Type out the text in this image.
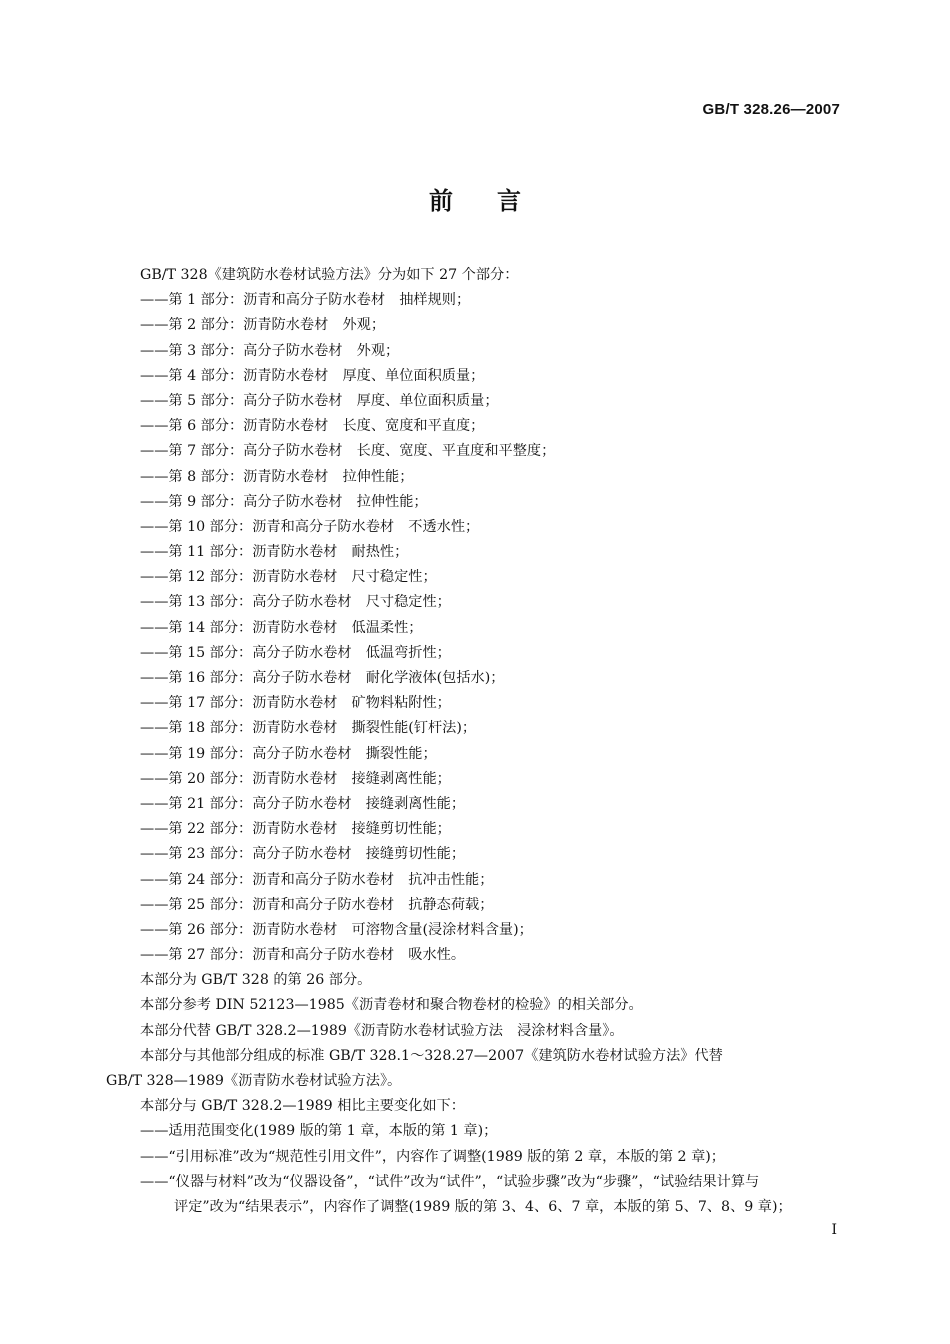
GB/T 328.26—2007
前言
GB/T 328《建筑防水卷材试验方法》分为如下 27 个部分：
——第 1 部分：沥青和高分子防水卷材　抽样规则；
——第 2 部分：沥青防水卷材　外观；
——第 3 部分：高分子防水卷材　外观；
——第 4 部分：沥青防水卷材　厚度、单位面积质量；
——第 5 部分：高分子防水卷材　厚度、单位面积质量；
——第 6 部分：沥青防水卷材　长度、宽度和平直度；
——第 7 部分：高分子防水卷材　长度、宽度、平直度和平整度；
——第 8 部分：沥青防水卷材　拉伸性能；
——第 9 部分：高分子防水卷材　拉伸性能；
——第 10 部分：沥青和高分子防水卷材　不透水性；
——第 11 部分：沥青防水卷材　耐热性；
——第 12 部分：沥青防水卷材　尺寸稳定性；
——第 13 部分：高分子防水卷材　尺寸稳定性；
——第 14 部分：沥青防水卷材　低温柔性；
——第 15 部分：高分子防水卷材　低温弯折性；
——第 16 部分：高分子防水卷材　耐化学液体(包括水)；
——第 17 部分：沥青防水卷材　矿物料粘附性；
——第 18 部分：沥青防水卷材　撕裂性能(钉杆法)；
——第 19 部分：高分子防水卷材　撕裂性能；
——第 20 部分：沥青防水卷材　接缝剥离性能；
——第 21 部分：高分子防水卷材　接缝剥离性能；
——第 22 部分：沥青防水卷材　接缝剪切性能；
——第 23 部分：高分子防水卷材　接缝剪切性能；
——第 24 部分：沥青和高分子防水卷材　抗冲击性能；
——第 25 部分：沥青和高分子防水卷材　抗静态荷载；
——第 26 部分：沥青防水卷材　可溶物含量(浸涂材料含量)；
——第 27 部分：沥青和高分子防水卷材　吸水性。
本部分为 GB/T 328 的第 26 部分。
本部分参考 DIN 52123—1985《沥青卷材和聚合物卷材的检验》的相关部分。
本部分代替 GB/T 328.2—1989《沥青防水卷材试验方法　浸涂材料含量》。
本部分与其他部分组成的标准 GB/T 328.1～328.27—2007《建筑防水卷材试验方法》代替
GB/T 328—1989《沥青防水卷材试验方法》。
本部分与 GB/T 328.2—1989 相比主要变化如下：
——适用范围变化(1989 版的第 1 章，本版的第 1 章)；
——“引用标准”改为“规范性引用文件”，内容作了调整(1989 版的第 2 章，本版的第 2 章)；
——“仪器与材料”改为“仪器设备”，“试件”改为“试件”，“试验步骤”改为“步骤”，“试验结果计算与
评定”改为“结果表示”，内容作了调整(1989 版的第 3、4、6、7 章，本版的第 5、7、8、9 章)；
I
